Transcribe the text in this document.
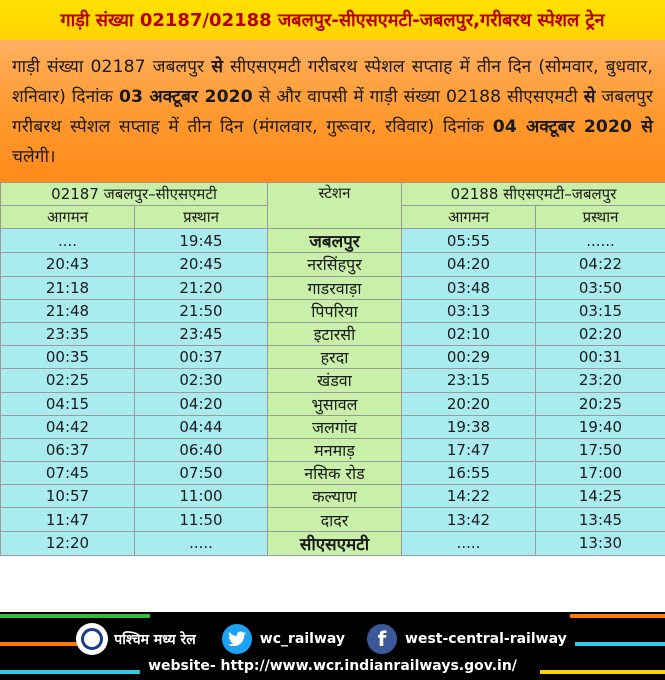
गाड़ी संख्या 02187/02188 जबलपुर-सीएसएमटी-जबलपुर,गरीबरथ स्पेशल ट्रेन

गाड़ी संख्या 02187 जबलपुर से सीएसएमटी गरीबरथ स्पेशल सप्ताह में तीन दिन (सोमवार, बुधवार, शनिवार) दिनांक 03 अक्टूबर 2020 से और वापसी में गाड़ी संख्या 02188 सीएसएमटी से जबलपुर गरीबरथ स्पेशल सप्ताह में तीन दिन (मंगलवार, गुरूवार, रविवार) दिनांक 04 अक्टूबर 2020 से चलेगी।

02187 जबलपुर–सीएसएमटी		स्टेशन	02188 सीएसएमटी–जबलपुर	
आगमन	प्रस्थान		आगमन	प्रस्थान
....	19:45	जबलपुर	05:55	......
20:43	20:45	नरसिंहपुर	04:20	04:22
21:18	21:20	गाडरवाड़ा	03:48	03:50
21:48	21:50	पिपरिया	03:13	03:15
23:35	23:45	इटारसी	02:10	02:20
00:35	00:37	हरदा	00:29	00:31
02:25	02:30	खंडवा	23:15	23:20
04:15	04:20	भुसावल	20:20	20:25
04:42	04:44	जलगांव	19:38	19:40
06:37	06:40	मनमाड़	17:47	17:50
07:45	07:50	नसिक रोड	16:55	17:00
10:57	11:00	कल्याण	14:22	14:25
11:47	11:50	दादर	13:42	13:45
12:20	.....	सीएसएमटी	.....	13:30
पश्चिम मध्य रेल	wc_railway	f	west-central-railway
website- http://www.wcr.indianrailways.gov.in/
